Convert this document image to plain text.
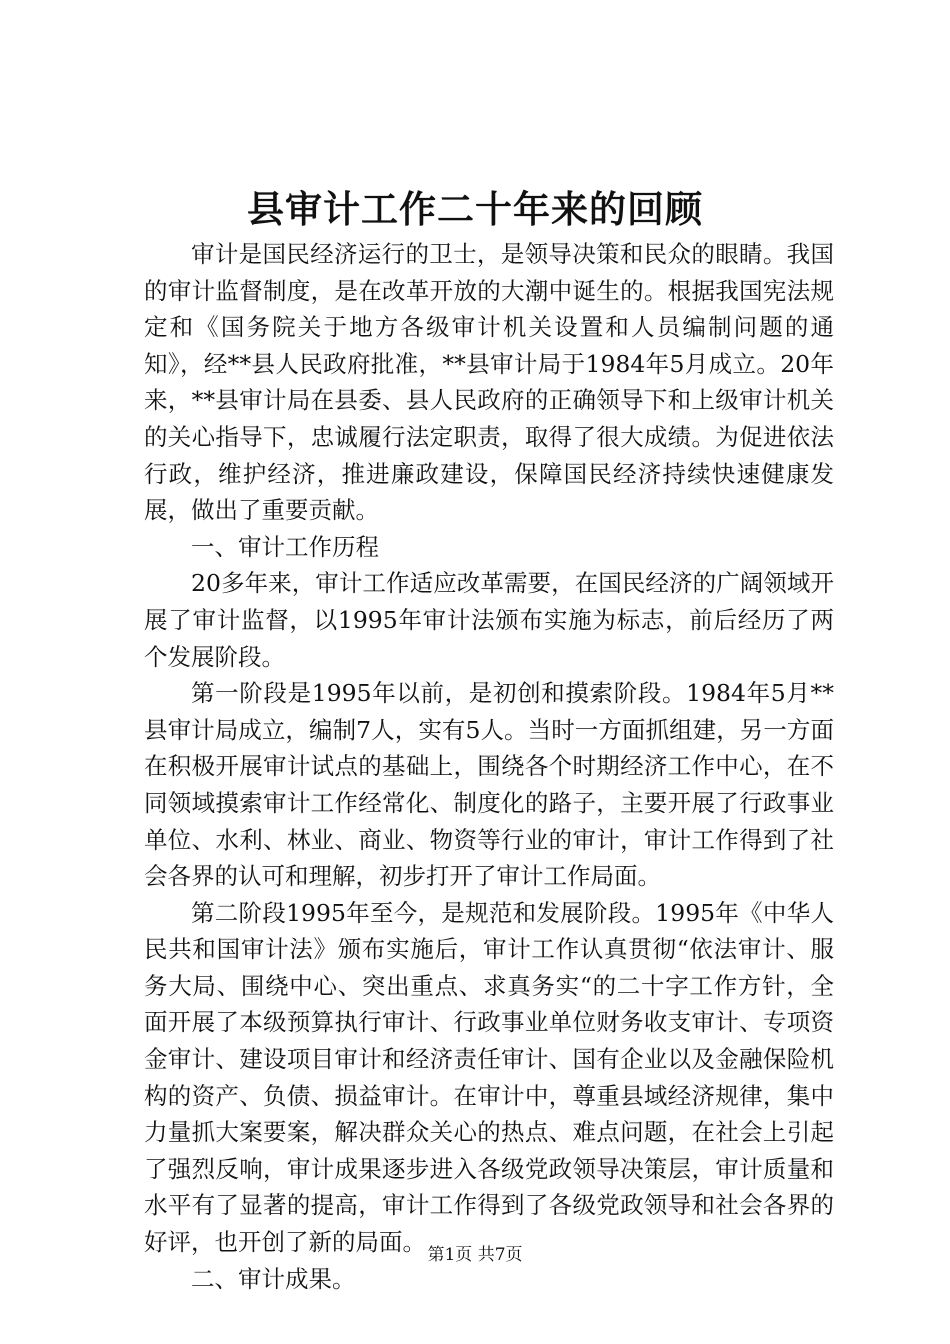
县审计工作二十年来的回顾

审计是国民经济运行的卫士，是领导决策和民众的眼睛。我国的审计监督制度，是在改革开放的大潮中诞生的。根据我国宪法规定和《国务院关于地方各级审计机关设置和人员编制问题的通知》，经**县人民政府批准，**县审计局于1984年5月成立。20年来，**县审计局在县委、县人民政府的正确领导下和上级审计机关的关心指导下，忠诚履行法定职责，取得了很大成绩。为促进依法行政，维护经济，推进廉政建设，保障国民经济持续快速健康发展，做出了重要贡献。

一、审计工作历程

20多年来，审计工作适应改革需要，在国民经济的广阔领域开展了审计监督，以1995年审计法颁布实施为标志，前后经历了两个发展阶段。

第一阶段是1995年以前，是初创和摸索阶段。1984年5月**县审计局成立，编制7人，实有5人。当时一方面抓组建，另一方面在积极开展审计试点的基础上，围绕各个时期经济工作中心，在不同领域摸索审计工作经常化、制度化的路子，主要开展了行政事业单位、水利、林业、商业、物资等行业的审计，审计工作得到了社会各界的认可和理解，初步打开了审计工作局面。

第二阶段1995年至今，是规范和发展阶段。1995年《中华人民共和国审计法》颁布实施后，审计工作认真贯彻“依法审计、服务大局、围绕中心、突出重点、求真务实“的二十字工作方针，全面开展了本级预算执行审计、行政事业单位财务收支审计、专项资金审计、建设项目审计和经济责任审计、国有企业以及金融保险机构的资产、负债、损益审计。在审计中，尊重县域经济规律，集中力量抓大案要案，解决群众关心的热点、难点问题，在社会上引起了强烈反响，审计成果逐步进入各级党政领导决策层，审计质量和水平有了显著的提高，审计工作得到了各级党政领导和社会各界的好评，也开创了新的局面。

二、审计成果。

第1页 共7页
